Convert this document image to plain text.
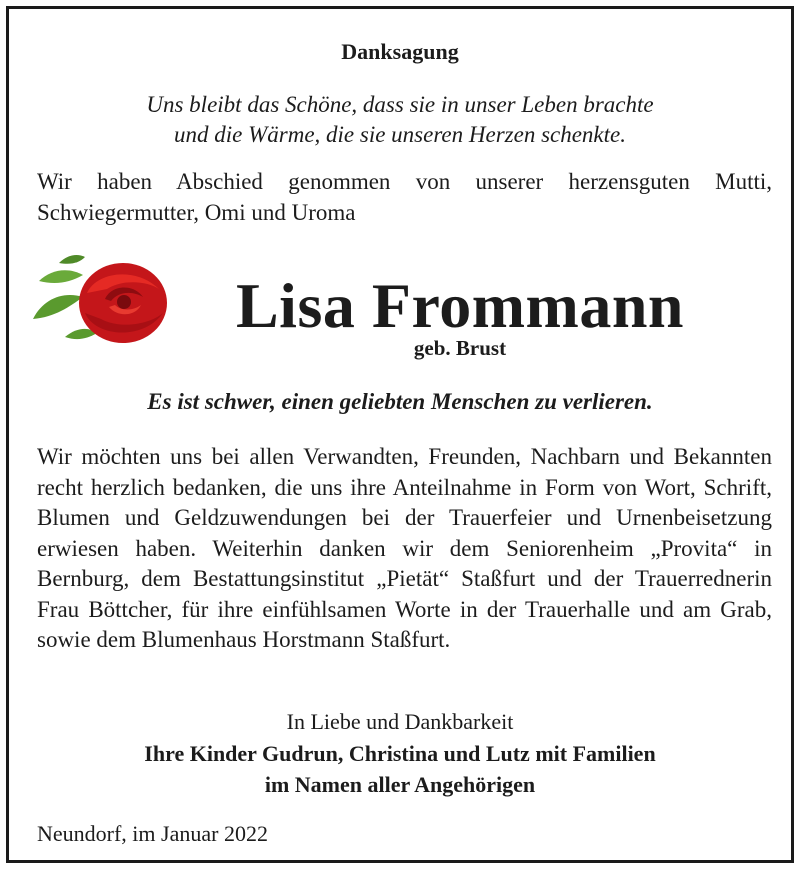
Danksagung

Uns bleibt das Schöne, dass sie in unser Leben brachte

und die Wärme, die sie unseren Herzen schenkte.

Wir haben Abschied genommen von unserer herzensguten Mutti, Schwiegermutter, Omi und Uroma

Lisa Frommann

geb. Brust

Es ist schwer, einen geliebten Menschen zu verlieren.

Wir möchten uns bei allen Verwandten, Freunden, Nachbarn und Bekannten recht herzlich bedanken, die uns ihre Anteilnahme in Form von Wort, Schrift, Blumen und Geldzuwendungen bei der Trauerfeier und Urnenbeisetzung erwiesen haben. Weiterhin danken wir dem Seniorenheim „Provita“ in Bernburg, dem Bestattungsinstitut „Pietät“ Staßfurt und der Trauerrednerin Frau Böttcher, für ihre einfühlsamen Worte in der Trauerhalle und am Grab, sowie dem Blumenhaus Horstmann Staßfurt.

In Liebe und Dankbarkeit

Ihre Kinder Gudrun, Christina und Lutz mit Familien

im Namen aller Angehörigen

Neundorf, im Januar 2022
